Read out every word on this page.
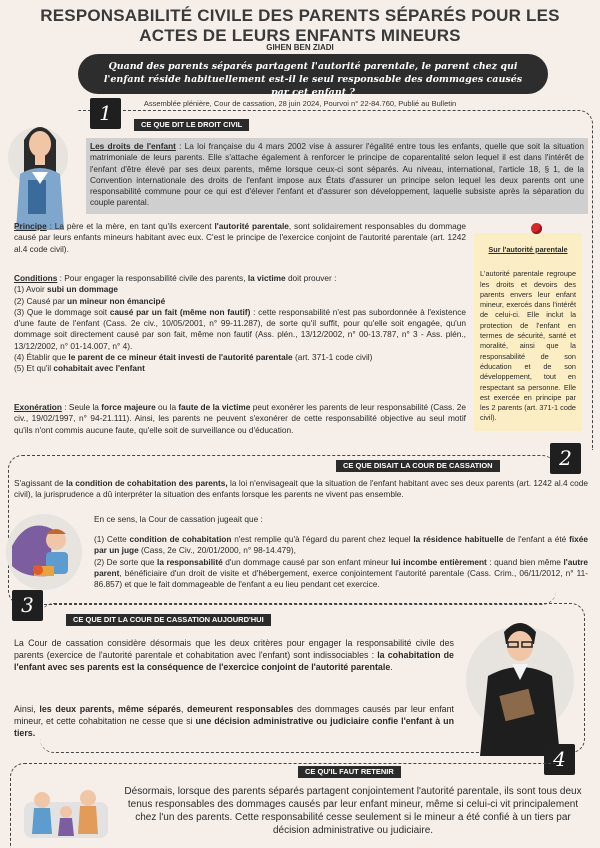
RESPONSABILITÉ CIVILE DES PARENTS SÉPARÉS POUR LES ACTES DE LEURS ENFANTS MINEURS
GIHEN BEN ZIADI
Quand des parents séparés partagent l'autorité parentale, le parent chez qui l'enfant réside habituellement est-il le seul responsable des dommages causés par cet enfant ?
Assemblée plénière, Cour de cassation, 28 juin 2024, Pourvoi n° 22-84.760, Publié au Bulletin
1	CE QUE DIT LE DROIT CIVIL
Les droits de l'enfant : La loi française du 4 mars 2002 vise à assurer l'égalité entre tous les enfants, quelle que soit la situation matrimoniale de leurs parents. Elle s'attache également à renforcer le principe de coparentalité selon lequel il est dans l'intérêt de l'enfant d'être élevé par ses deux parents, même lorsque ceux-ci sont séparés. Au niveau, international, l'article 18, § 1, de la Convention internationale des droits de l'enfant impose aux États d'assurer un principe selon lequel les deux parents ont une responsabilité commune pour ce qui est d'élever l'enfant et d'assurer son développement, laquelle subsiste après la séparation du couple parental.
Principe : La père et la mère, en tant qu'ils exercent l'autorité parentale, sont solidairement responsables du dommage causé par leurs enfants mineurs habitant avec eux. C'est le principe de l'exercice conjoint de l'autorité parentale (art. 1242 al.4 code civil).
Conditions : Pour engager la responsabilité civile des parents, la victime doit prouver :
(1) Avoir subi un dommage
(2) Causé par un mineur non émancipé
(3) Que le dommage soit causé par un fait (même non fautif) : cette responsabilité n'est pas subordonnée à l'existence d'une faute de l'enfant (Cass. 2e civ., 10/05/2001, n° 99-11.287), de sorte qu'il suffit, pour qu'elle soit engagée, qu'un dommage soit directement causé par son fait, même non fautif (Ass. plén., 13/12/2002, n° 00-13.787, n° 3 - Ass. plén., 13/12/2002, n° 01-14.007, n° 4).
(4) Établir que le parent de ce mineur était investi de l'autorité parentale (art. 371-1 code civil)
(5) Et qu'il cohabitait avec l'enfant
Exonération : Seule la force majeure ou la faute de la victime peut exonérer les parents de leur responsabilité (Cass. 2e civ., 19/02/1997, n° 94-21.111). Ainsi, les parents ne peuvent s'exonérer de cette responsabilité objective au seul motif qu'ils n'ont commis aucune faute, qu'elle soit de surveillance ou d'éducation.
Sur l'autorité parentale
L'autorité parentale regroupe les droits et devoirs des parents envers leur enfant mineur, exercés dans l'intérêt de celui-ci. Elle inclut la protection de l'enfant en termes de sécurité, santé et moralité, ainsi que la responsabilité de son éducation et de son développement, tout en respectant sa personne. Elle est exercée en principe par les 2 parents (art. 371-1 code civil).
2
CE QUE DISAIT LA COUR DE CASSATION
S'agissant de la condition de cohabitation des parents, la loi n'envisageait que la situation de l'enfant habitant avec ses deux parents (art. 1242 al.4 code civil), la jurisprudence a dû interpréter la situation des enfants lorsque les parents ne vivent pas ensemble.
En ce sens, la Cour de cassation jugeait que :
(1) Cette condition de cohabitation n'est remplie qu'à l'égard du parent chez lequel la résidence habituelle de l'enfant a été fixée par un juge (Cass, 2e Civ., 20/01/2000, n° 98-14.479),
(2) De sorte que la responsabilité d'un dommage causé par son enfant mineur lui incombe entièrement : quand bien même l'autre parent, bénéficiaire d'un droit de visite et d'hébergement, exerce conjointement l'autorité parentale (Cass. Crim., 06/11/2012, n° 11-86.857) et que le fait dommageable de l'enfant a eu lieu pendant cet exercice.
3
CE QUE DIT LA COUR DE CASSATION AUJOURD'HUI
La Cour de cassation considère désormais que les deux critères pour engager la responsabilité civile des parents (exercice de l'autorité parentale et cohabitation avec l'enfant) sont indissociables : la cohabitation de l'enfant avec ses parents est la conséquence de l'exercice conjoint de l'autorité parentale.
Ainsi, les deux parents, même séparés, demeurent responsables des dommages causés par leur enfant mineur, et cette cohabitation ne cesse que si une décision administrative ou judiciaire confie l'enfant à un tiers.
4
CE QU'IL FAUT RETENIR
Désormais, lorsque des parents séparés partagent conjointement l'autorité parentale, ils sont tous deux tenus responsables des dommages causés par leur enfant mineur, même si celui-ci vit principalement chez l'un des parents. Cette responsabilité cesse seulement si le mineur a été confié à un tiers par décision administrative ou judiciaire.
